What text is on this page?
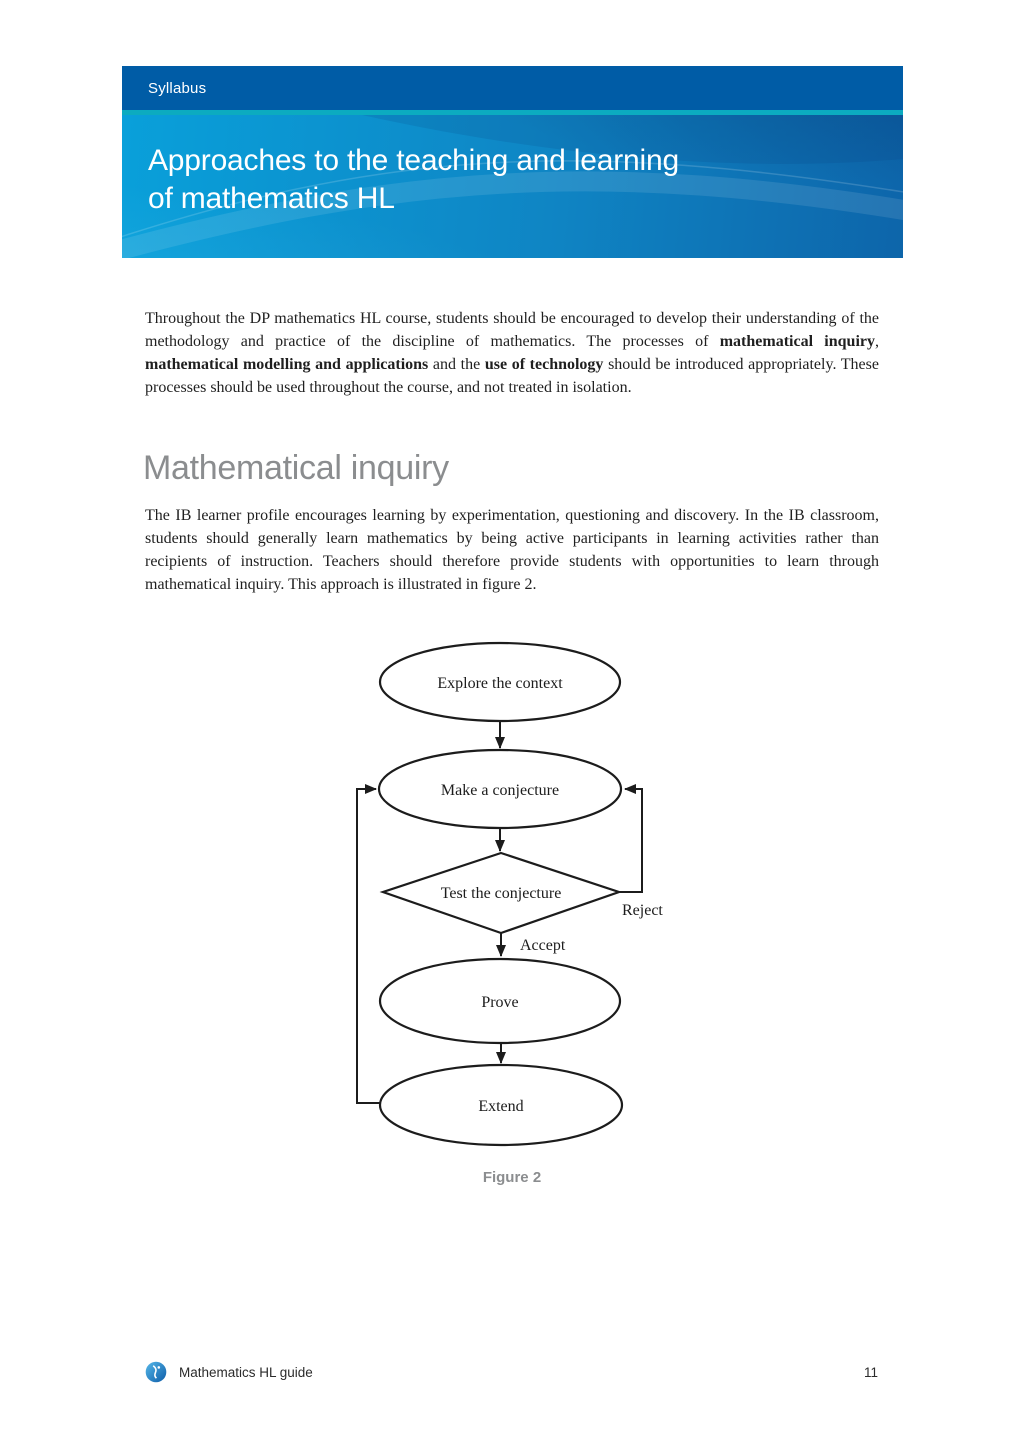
Syllabus
Approaches to the teaching and learning
of mathematics HL

Throughout the DP mathematics HL course, students should be encouraged to develop their understanding of the methodology and practice of the discipline of mathematics. The processes of mathematical inquiry, mathematical modelling and applications and the use of technology should be introduced appropriately. These processes should be used throughout the course, and not treated in isolation.

Mathematical inquiry

The IB learner profile encourages learning by experimentation, questioning and discovery. In the IB classroom, students should generally learn mathematics by being active participants in learning activities rather than recipients of instruction. Teachers should therefore provide students with opportunities to learn through mathematical inquiry. This approach is illustrated in figure 2.

Explore the context
Make a conjecture
Test the conjecture
Prove
Extend
Reject
Accept
Figure 2
Mathematics HL guide	11
